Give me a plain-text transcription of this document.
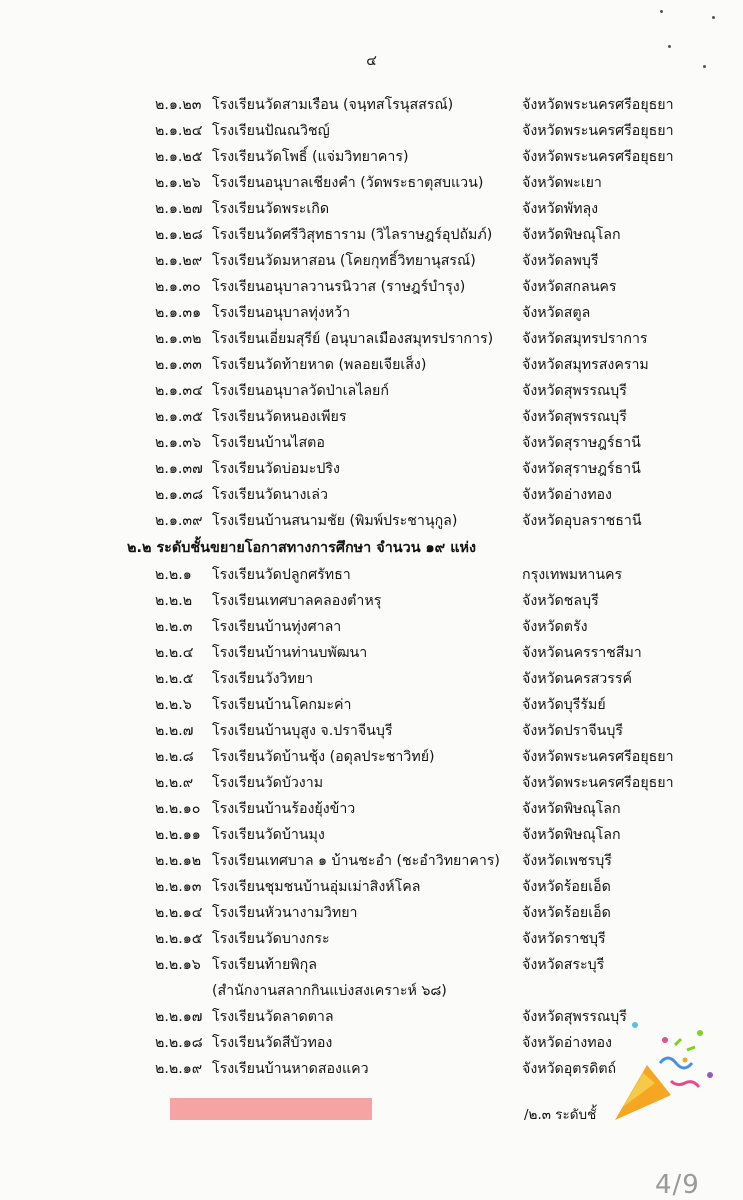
๔
๒.๑.๒๓ โรงเรียนวัดสามเรือน (จนฺทสโรนุสสรณ์)	จังหวัดพระนครศรีอยุธยา
๒.๑.๒๔ โรงเรียนปัณณวิชญ์	จังหวัดพระนครศรีอยุธยา
๒.๑.๒๕ โรงเรียนวัดโพธิ์ (แจ่มวิทยาคาร)	จังหวัดพระนครศรีอยุธยา
๒.๑.๒๖ โรงเรียนอนุบาลเชียงคำ (วัดพระธาตุสบแวน)	จังหวัดพะเยา
๒.๑.๒๗ โรงเรียนวัดพระเกิด	จังหวัดพัทลุง
๒.๑.๒๘ โรงเรียนวัดศรีวิสุทธาราม (วิไลราษฎร์อุปถัมภ์) จังหวัดพิษณุโลก
๒.๑.๒๙ โรงเรียนวัดมหาสอน (โคยกุทธิ์วิทยานุสรณ์)	จังหวัดลพบุรี
๒.๑.๓๐ โรงเรียนอนุบาลวานรนิวาส (ราษฎร์บำรุง)	จังหวัดสกลนคร
๒.๑.๓๑ โรงเรียนอนุบาลทุ่งหว้า	จังหวัดสตูล
๒.๑.๓๒ โรงเรียนเอี่ยมสุรีย์ (อนุบาลเมืองสมุทรปราการ) จังหวัดสมุทรปราการ
๒.๑.๓๓ โรงเรียนวัดท้ายหาด (พลอยเจียเส็ง)	จังหวัดสมุทรสงคราม
๒.๑.๓๔ โรงเรียนอนุบาลวัดป่าเลไลยก์	จังหวัดสุพรรณบุรี
๒.๑.๓๕ โรงเรียนวัดหนองเพียร	จังหวัดสุพรรณบุรี
๒.๑.๓๖ โรงเรียนบ้านไสตอ	จังหวัดสุราษฎร์ธานี
๒.๑.๓๗ โรงเรียนวัดบ่อมะปริง	จังหวัดสุราษฎร์ธานี
๒.๑.๓๘ โรงเรียนวัดนางเล่ว	จังหวัดอ่างทอง
๒.๑.๓๙ โรงเรียนบ้านสนามชัย (พิมพ์ประชานุกูล)	จังหวัดอุบลราชธานี
๒.๒ ระดับชั้นขยายโอกาสทางการศึกษา จำนวน ๑๙ แห่ง
๒.๒.๑ โรงเรียนวัดปลูกศรัทธา	กรุงเทพมหานคร
๒.๒.๒ โรงเรียนเทศบาลคลองตำหรุ	จังหวัดชลบุรี
๒.๒.๓ โรงเรียนบ้านทุ่งศาลา	จังหวัดตรัง
๒.๒.๔ โรงเรียนบ้านท่านบพัฒนา	จังหวัดนครราชสีมา
๒.๒.๕ โรงเรียนวังวิทยา	จังหวัดนครสวรรค์
๒.๒.๖ โรงเรียนบ้านโคกมะค่า	จังหวัดบุรีรัมย์
๒.๒.๗ โรงเรียนบ้านบุสูง จ.ปราจีนบุรี	จังหวัดปราจีนบุรี
๒.๒.๘ โรงเรียนวัดบ้านชุ้ง (อดุลประชาวิทย์)	จังหวัดพระนครศรีอยุธยา
๒.๒.๙ โรงเรียนวัดบัวงาม	จังหวัดพระนครศรีอยุธยา
๒.๒.๑๐ โรงเรียนบ้านร้องยุ้งข้าว	จังหวัดพิษณุโลก
๒.๒.๑๑ โรงเรียนวัดบ้านมุง	จังหวัดพิษณุโลก
๒.๒.๑๒ โรงเรียนเทศบาล ๑ บ้านชะอำ (ชะอำวิทยาคาร) จังหวัดเพชรบุรี
๒.๒.๑๓ โรงเรียนชุมชนบ้านอุ่มเม่าสิงห์โคล	จังหวัดร้อยเอ็ด
๒.๒.๑๔ โรงเรียนหัวนางามวิทยา	จังหวัดร้อยเอ็ด
๒.๒.๑๕ โรงเรียนวัดบางกระ	จังหวัดราชบุรี
๒.๒.๑๖ โรงเรียนท้ายพิกุล	จังหวัดสระบุรี
(สำนักงานสลากกินแบ่งสงเคราะห์ ๖๘)
๒.๒.๑๗ โรงเรียนวัดลาดตาล	จังหวัดสุพรรณบุรี
๒.๒.๑๘ โรงเรียนวัดสีบัวทอง	จังหวัดอ่างทอง
๒.๒.๑๙ โรงเรียนบ้านหาดสองแคว	จังหวัดอุตรดิตถ์
/๒.๓ ระดับชั้
4/9
